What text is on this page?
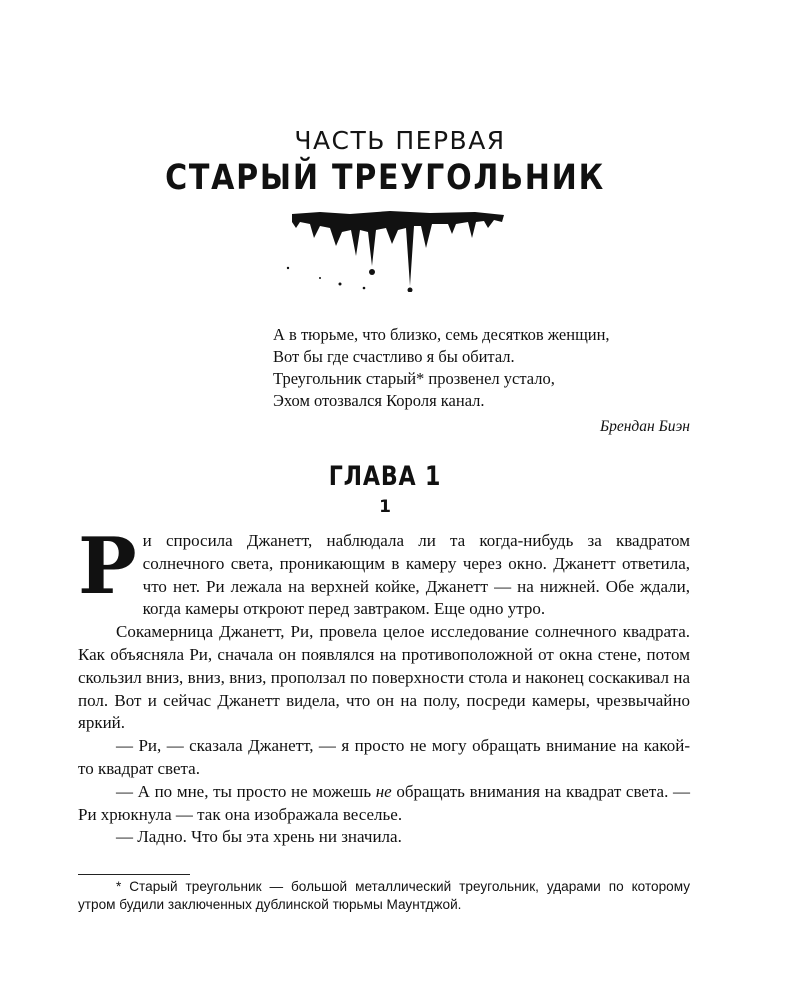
ЧАСТЬ ПЕРВАЯ
СТАРЫЙ ТРЕУГОЛЬНИК
А в тюрьме, что близко, семь десятков женщин,
Вот бы где счастливо я бы обитал.
Треугольник старый* прозвенел устало,
Эхом отозвался Короля канал.
Брендан Биэн
ГЛАВА 1
1

Ри спросила Джанетт, наблюдала ли та когда-нибудь за квадратом солнечного света, проникающим в камеру через окно. Джанетт ответила, что нет. Ри лежала на верхней койке, Джанетт — на нижней. Обе ждали, когда камеры откроют перед завтраком. Еще одно утро.

Сокамерница Джанетт, Ри, провела целое исследование солнечного квадрата. Как объясняла Ри, сначала он появлялся на противоположной от окна стене, потом скользил вниз, вниз, вниз, проползал по поверхности стола и наконец соскакивал на пол. Вот и сейчас Джанетт видела, что он на полу, посреди камеры, чрезвычайно яркий.

— Ри, — сказала Джанетт, — я просто не могу обращать внимание на какой-то квадрат света.

— А по мне, ты просто не можешь не обращать внимания на квадрат света. — Ри хрюкнула — так она изображала веселье.

— Ладно. Что бы эта хрень ни значила.

* Старый треугольник — большой металлический треугольник, ударами по которому утром будили заключенных дублинской тюрьмы Маунтджой.
